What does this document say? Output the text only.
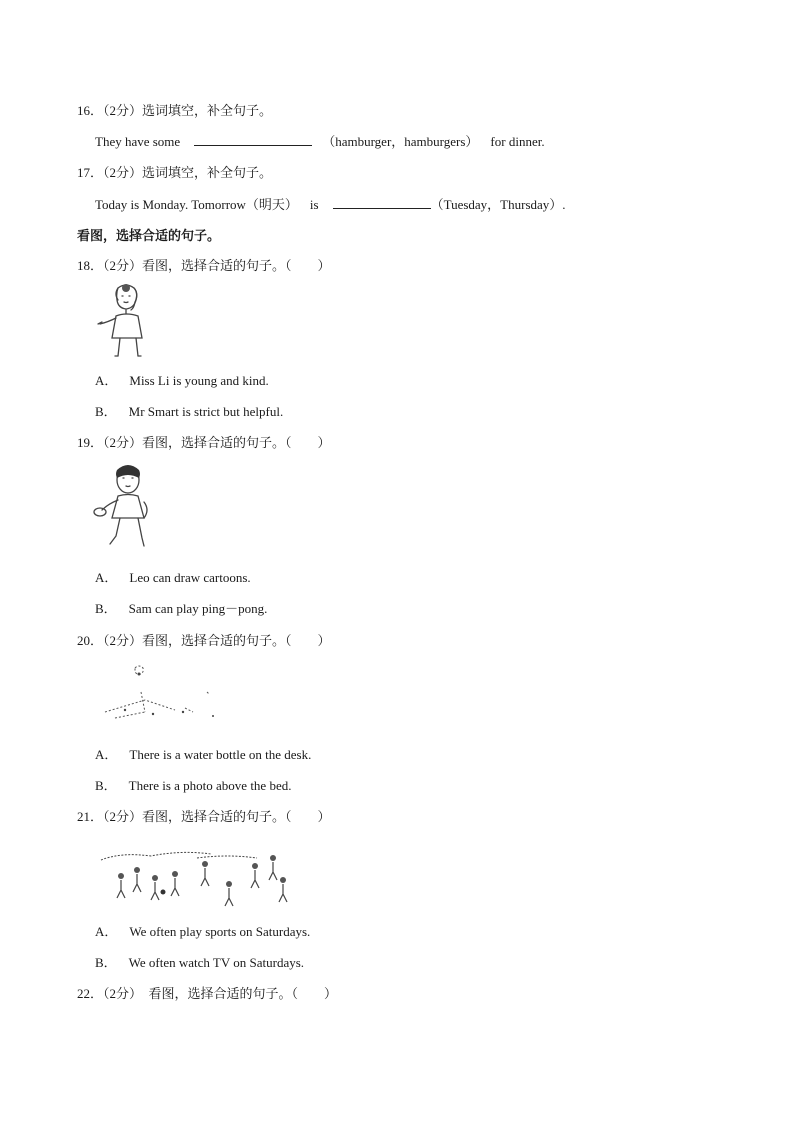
16．（2分）选词填空，补全句子。
They have some	（hamburger，hamburgers） for dinner.
17．（2分）选词填空，补全句子。
Today is Monday. Tomorrow（明天） is	（Tuesday，Thursday）.
看图，选择合适的句子。
18．（2分）看图，选择合适的句子。（　　）
A． Miss Li is young and kind.
B． Mr Smart is strict but helpful.
19．（2分）看图，选择合适的句子。（　　）
A． Leo can draw cartoons.
B． Sam can play ping－pong.
20．（2分）看图，选择合适的句子。（　　）
A． There is a water bottle on the desk.
B． There is a photo above the bed.
21．（2分）看图，选择合适的句子。（　　）
A． We often play sports on Saturdays.
B． We often watch TV on Saturdays.
22．（2分）　看图，选择合适的句子。（　　）
